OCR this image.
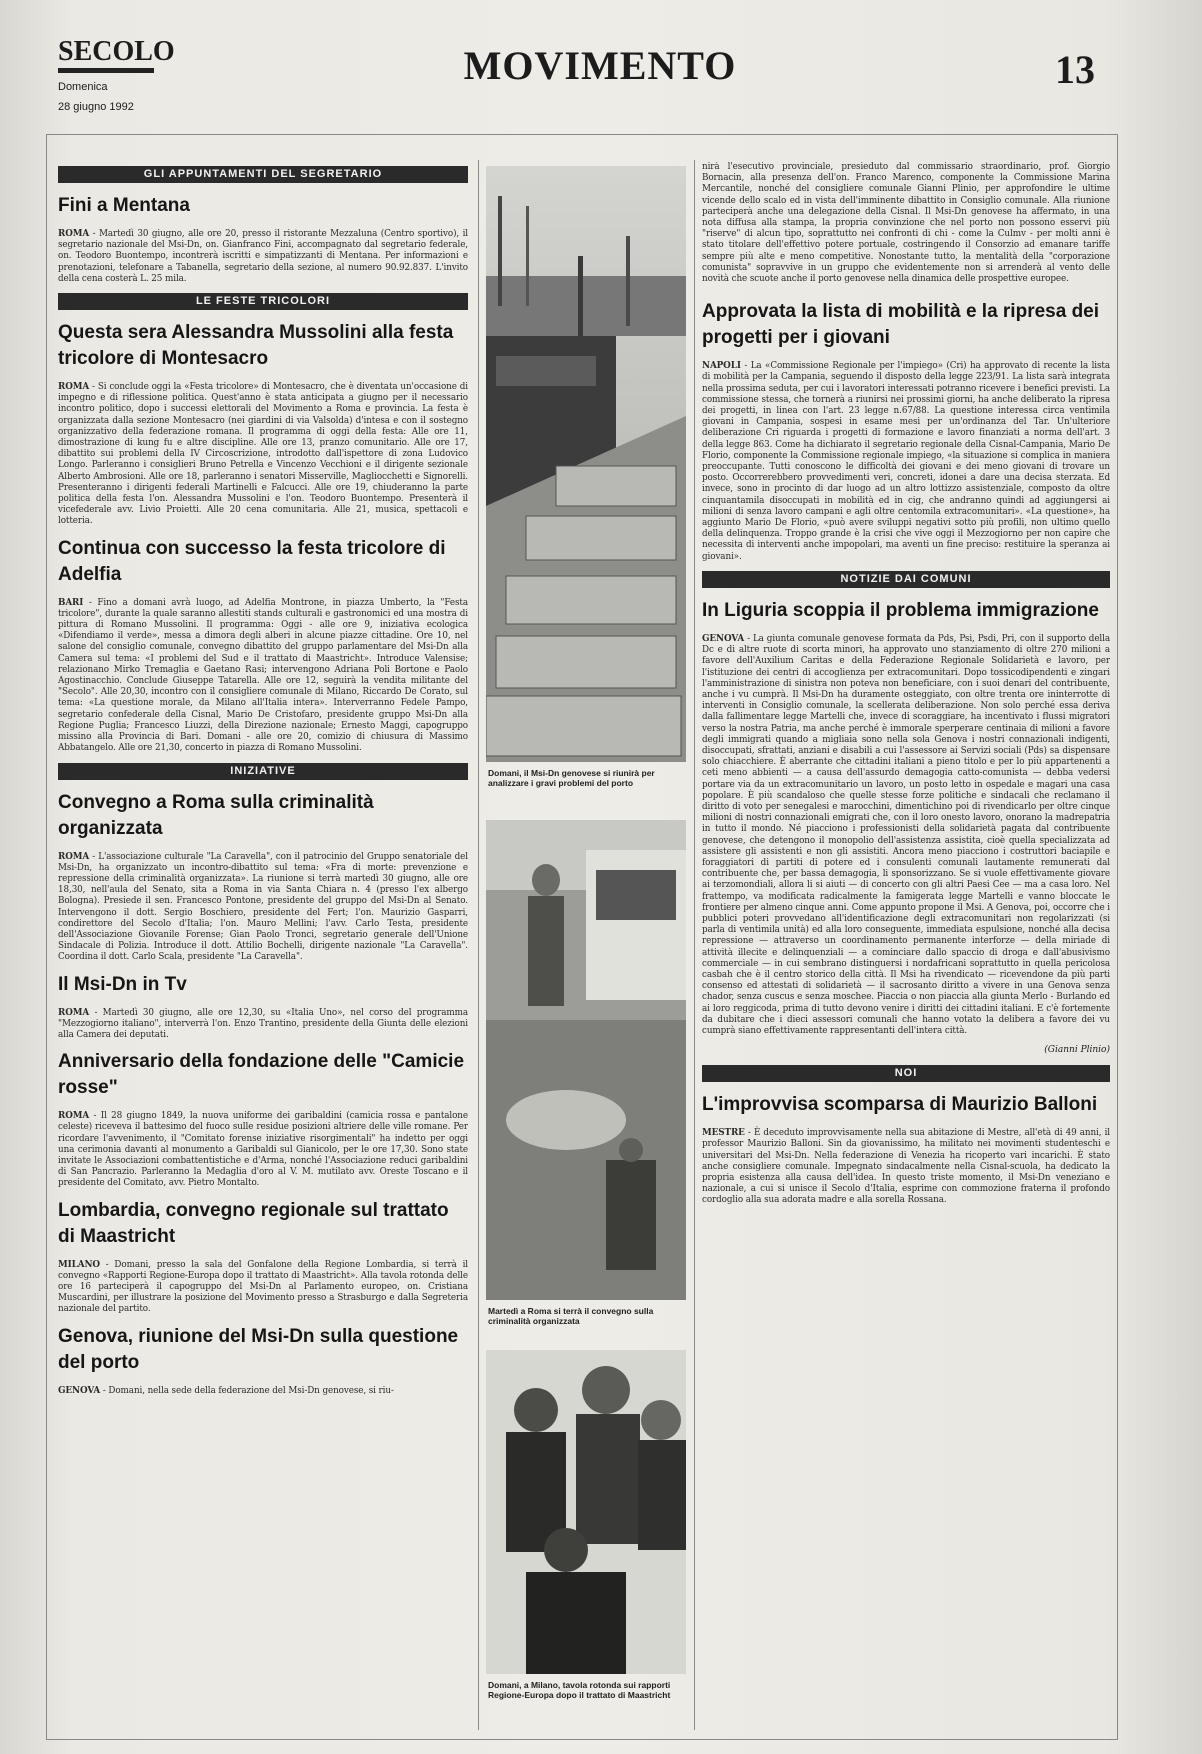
SECOLO
Domenica
28 giugno 1992
MOVIMENTO	13
GLI APPUNTAMENTI DEL SEGRETARIO
Fini a Mentana

ROMA - Martedì 30 giugno, alle ore 20, presso il ristorante Mezzaluna (Centro sportivo), il segretario nazionale del Msi-Dn, on. Gianfranco Fini, accompagnato dal segretario federale, on. Teodoro Buontempo, incontrerà iscritti e simpatizzanti di Mentana. Per informazioni e prenotazioni, telefonare a Tabanella, segretario della sezione, al numero 90.92.837. L'invito della cena costerà L. 25 mila.

LE FESTE TRICOLORI
Questa sera Alessandra Mussolini alla festa tricolore di Montesacro

ROMA - Si conclude oggi la «Festa tricolore» di Montesacro, che è diventata un'occasione di impegno e di riflessione politica. Quest'anno è stata anticipata a giugno per il necessario incontro politico, dopo i successi elettorali del Movimento a Roma e provincia. La festa è organizzata dalla sezione Montesacro (nei giardini di via Valsolda) d'intesa e con il sostegno organizzativo della federazione romana. Il programma di oggi della festa: Alle ore 11, dimostrazione di kung fu e altre discipline. Alle ore 13, pranzo comunitario. Alle ore 17, dibattito sui problemi della IV Circoscrizione, introdotto dall'ispettore di zona Ludovico Longo. Parleranno i consiglieri Bruno Petrella e Vincenzo Vecchioni e il dirigente sezionale Alberto Ambrosioni. Alle ore 18, parleranno i senatori Misserville, Magliocchetti e Signorelli. Presenteranno i dirigenti federali Martinelli e Falcucci. Alle ore 19, chiuderanno la parte politica della festa l'on. Alessandra Mussolini e l'on. Teodoro Buontempo. Presenterà il vicefederale avv. Livio Proietti. Alle 20 cena comunitaria. Alle 21, musica, spettacoli e lotteria.

Continua con successo la festa tricolore di Adelfia

BARI - Fino a domani avrà luogo, ad Adelfia Montrone, in piazza Umberto, la "Festa tricolore", durante la quale saranno allestiti stands culturali e gastronomici ed una mostra di pittura di Romano Mussolini. Il programma: Oggi - alle ore 9, iniziativa ecologica «Difendiamo il verde», messa a dimora degli alberi in alcune piazze cittadine. Ore 10, nel salone del consiglio comunale, convegno dibattito del gruppo parlamentare del Msi-Dn alla Camera sul tema: «I problemi del Sud e il trattato di Maastricht». Introduce Valensise; relazionano Mirko Tremaglia e Gaetano Rasi; intervengono Adriana Poli Bortone e Paolo Agostinacchio. Conclude Giuseppe Tatarella. Alle ore 12, seguirà la vendita militante del "Secolo". Alle 20,30, incontro con il consigliere comunale di Milano, Riccardo De Corato, sul tema: «La questione morale, da Milano all'Italia intera». Interverranno Fedele Pampo, segretario confederale della Cisnal, Mario De Cristofaro, presidente gruppo Msi-Dn alla Regione Puglia; Francesco Liuzzi, della Direzione nazionale; Ernesto Maggi, capogruppo missino alla Provincia di Bari. Domani - alle ore 20, comizio di chiusura di Massimo Abbatangelo. Alle ore 21,30, concerto in piazza di Romano Mussolini.

INIZIATIVE
Convegno a Roma sulla criminalità organizzata

ROMA - L'associazione culturale "La Caravella", con il patrocinio del Gruppo senatoriale del Msi-Dn, ha organizzato un incontro-dibattito sul tema: «Fra di morte: prevenzione e repressione della criminalità organizzata». La riunione si terrà martedì 30 giugno, alle ore 18,30, nell'aula del Senato, sita a Roma in via Santa Chiara n. 4 (presso l'ex albergo Bologna). Presiede il sen. Francesco Pontone, presidente del gruppo del Msi-Dn al Senato. Intervengono il dott. Sergio Boschiero, presidente del Fert; l'on. Maurizio Gasparri, condirettore del Secolo d'Italia; l'on. Mauro Mellini; l'avv. Carlo Testa, presidente dell'Associazione Giovanile Forense; Gian Paolo Tronci, segretario generale dell'Unione Sindacale di Polizia. Introduce il dott. Attilio Bochelli, dirigente nazionale "La Caravella". Coordina il dott. Carlo Scala, presidente "La Caravella".

Il Msi-Dn in Tv

ROMA - Martedì 30 giugno, alle ore 12,30, su «Italia Uno», nel corso del programma "Mezzogiorno italiano", interverrà l'on. Enzo Trantino, presidente della Giunta delle elezioni alla Camera dei deputati.

Anniversario della fondazione delle "Camicie rosse"

ROMA - Il 28 giugno 1849, la nuova uniforme dei garibaldini (camicia rossa e pantalone celeste) riceveva il battesimo del fuoco sulle residue posizioni altriere delle ville romane. Per ricordare l'avvenimento, il "Comitato forense iniziative risorgimentali" ha indetto per oggi una cerimonia davanti al monumento a Garibaldi sul Gianicolo, per le ore 17,30. Sono state invitate le Associazioni combattentistiche e d'Arma, nonché l'Associazione reduci garibaldini di San Pancrazio. Parleranno la Medaglia d'oro al V. M. mutilato avv. Oreste Toscano e il presidente del Comitato, avv. Pietro Montalto.

Lombardia, convegno regionale sul trattato di Maastricht

MILANO - Domani, presso la sala del Gonfalone della Regione Lombardia, si terrà il convegno «Rapporti Regione-Europa dopo il trattato di Maastricht». Alla tavola rotonda delle ore 16 parteciperà il capogruppo del Msi-Dn al Parlamento europeo, on. Cristiana Muscardini, per illustrare la posizione del Movimento presso a Strasburgo e dalla Segreteria nazionale del partito.

Genova, riunione del Msi-Dn sulla questione del porto

GENOVA - Domani, nella sede della federazione del Msi-Dn genovese, si riu-

Domani, il Msi-Dn genovese si riunirà per analizzare i gravi problemi del porto
Martedì a Roma si terrà il convegno sulla criminalità organizzata
Domani, a Milano, tavola rotonda sui rapporti Regione-Europa dopo il trattato di Maastricht

nirà l'esecutivo provinciale, presieduto dal commissario straordinario, prof. Giorgio Bornacin, alla presenza dell'on. Franco Marenco, componente la Commissione Marina Mercantile, nonché del consigliere comunale Gianni Plinio, per approfondire le ultime vicende dello scalo ed in vista dell'imminente dibattito in Consiglio comunale. Alla riunione parteciperà anche una delegazione della Cisnal. Il Msi-Dn genovese ha affermato, in una nota diffusa alla stampa, la propria convinzione che nel porto non possono esservi più "riserve" di alcun tipo, soprattutto nei confronti di chi - come la Culmv - per molti anni è stato titolare dell'effettivo potere portuale, costringendo il Consorzio ad emanare tariffe sempre più alte e meno competitive. Nonostante tutto, la mentalità della "corporazione comunista" sopravvive in un gruppo che evidentemente non si arrenderà al vento delle novità che scuote anche il porto genovese nella dinamica delle prospettive europee.

Approvata la lista di mobilità e la ripresa dei progetti per i giovani

NAPOLI - La «Commissione Regionale per l'impiego» (Cri) ha approvato di recente la lista di mobilità per la Campania, seguendo il disposto della legge 223/91. La lista sarà integrata nella prossima seduta, per cui i lavoratori interessati potranno ricevere i benefici previsti. La commissione stessa, che tornerà a riunirsi nei prossimi giorni, ha anche deliberato la ripresa dei progetti, in linea con l'art. 23 legge n.67/88. La questione interessa circa ventimila giovani in Campania, sospesi in esame mesi per un'ordinanza del Tar. Un'ulteriore deliberazione Cri riguarda i progetti di formazione e lavoro finanziati a norma dell'art. 3 della legge 863. Come ha dichiarato il segretario regionale della Cisnal-Campania, Mario De Florio, componente la Commissione regionale impiego, «la situazione si complica in maniera preoccupante. Tutti conoscono le difficoltà dei giovani e dei meno giovani di trovare un posto. Occorrerebbero provvedimenti veri, concreti, idonei a dare una decisa sterzata. Ed invece, sono in procinto di dar luogo ad un altro lottizzo assistenziale, composto da oltre cinquantamila disoccupati in mobilità ed in cig, che andranno quindi ad aggiungersi ai milioni di senza lavoro campani e agli oltre centomila extracomunitari». «La questione», ha aggiunto Mario De Florio, «può avere sviluppi negativi sotto più profili, non ultimo quello della delinquenza. Troppo grande è la crisi che vive oggi il Mezzogiorno per non capire che necessita di interventi anche impopolari, ma aventi un fine preciso: restituire la speranza ai giovani».

NOTIZIE DAI COMUNI
In Liguria scoppia il problema immigrazione

GENOVA - La giunta comunale genovese formata da Pds, Psi, Psdi, Pri, con il supporto della Dc e di altre ruote di scorta minori, ha approvato uno stanziamento di oltre 270 milioni a favore dell'Auxilium Caritas e della Federazione Regionale Solidarietà e lavoro, per l'istituzione dei centri di accoglienza per extracomunitari. Dopo tossicodipendenti e zingari l'amministrazione di sinistra non poteva non beneficiare, con i suoi denari del contribuente, anche i vu cumprà. Il Msi-Dn ha duramente osteggiato, con oltre trenta ore ininterrotte di interventi in Consiglio comunale, la scellerata deliberazione. Non solo perché essa deriva dalla fallimentare legge Martelli che, invece di scoraggiare, ha incentivato i flussi migratori verso la nostra Patria, ma anche perché è immorale sperperare centinaia di milioni a favore degli immigrati quando a migliaia sono nella sola Genova i nostri connazionali indigenti, disoccupati, sfrattati, anziani e disabili a cui l'assessore ai Servizi sociali (Pds) sa dispensare solo chiacchiere. È aberrante che cittadini italiani a pieno titolo e per lo più appartenenti a ceti meno abbienti — a causa dell'assurdo demagogia catto-comunista — debba vedersi portare via da un extracomunitario un lavoro, un posto letto in ospedale e magari una casa popolare. È più scandaloso che quelle stesse forze politiche e sindacali che reclamano il diritto di voto per senegalesi e marocchini, dimentichino poi di rivendicarlo per oltre cinque milioni di nostri connazionali emigrati che, con il loro onesto lavoro, onorano la madrepatria in tutto il mondo. Né piacciono i professionisti della solidarietà pagata dal contribuente genovese, che detengono il monopolio dell'assistenza assistita, cioè quella specializzata ad assistere gli assistenti e non gli assistiti. Ancora meno piacciono i costruttori baciapile e foraggiatori di partiti di potere ed i consulenti comunali lautamente remunerati dal contribuente che, per bassa demagogia, li sponsorizzano. Se si vuole effettivamente giovare ai terzomondiali, allora li si aiuti — di concerto con gli altri Paesi Cee — ma a casa loro. Nel frattempo, va modificata radicalmente la famigerata legge Martelli e vanno bloccate le frontiere per almeno cinque anni. Come appunto propone il Msi. A Genova, poi, occorre che i pubblici poteri provvedano all'identificazione degli extracomunitari non regolarizzati (si parla di ventimila unità) ed alla loro conseguente, immediata espulsione, nonché alla decisa repressione — attraverso un coordinamento permanente interforze — della miriade di attività illecite e delinquenziali — a cominciare dallo spaccio di droga e dall'abusivismo commerciale — in cui sembrano distinguersi i nordafricani soprattutto in quella pericolosa casbah che è il centro storico della città. Il Msi ha rivendicato — ricevendone da più parti consenso ed attestati di solidarietà — il sacrosanto diritto a vivere in una Genova senza chador, senza cuscus e senza moschee. Piaccia o non piaccia alla giunta Merlo - Burlando ed ai loro reggicoda, prima di tutto devono venire i diritti dei cittadini italiani. E c'è fortemente da dubitare che i dieci assessori comunali che hanno votato la delibera a favore dei vu cumprà siano effettivamente rappresentanti dell'intera città.

(Gianni Plinio)
NOI
L'improvvisa scomparsa di Maurizio Balloni

MESTRE - È deceduto improvvisamente nella sua abitazione di Mestre, all'età di 49 anni, il professor Maurizio Balloni. Sin da giovanissimo, ha militato nei movimenti studenteschi e universitari del Msi-Dn. Nella federazione di Venezia ha ricoperto vari incarichi. È stato anche consigliere comunale. Impegnato sindacalmente nella Cisnal-scuola, ha dedicato la propria esistenza alla causa dell'idea. In questo triste momento, il Msi-Dn veneziano e nazionale, a cui si unisce il Secolo d'Italia, esprime con commozione fraterna il profondo cordoglio alla sua adorata madre e alla sorella Rossana.
